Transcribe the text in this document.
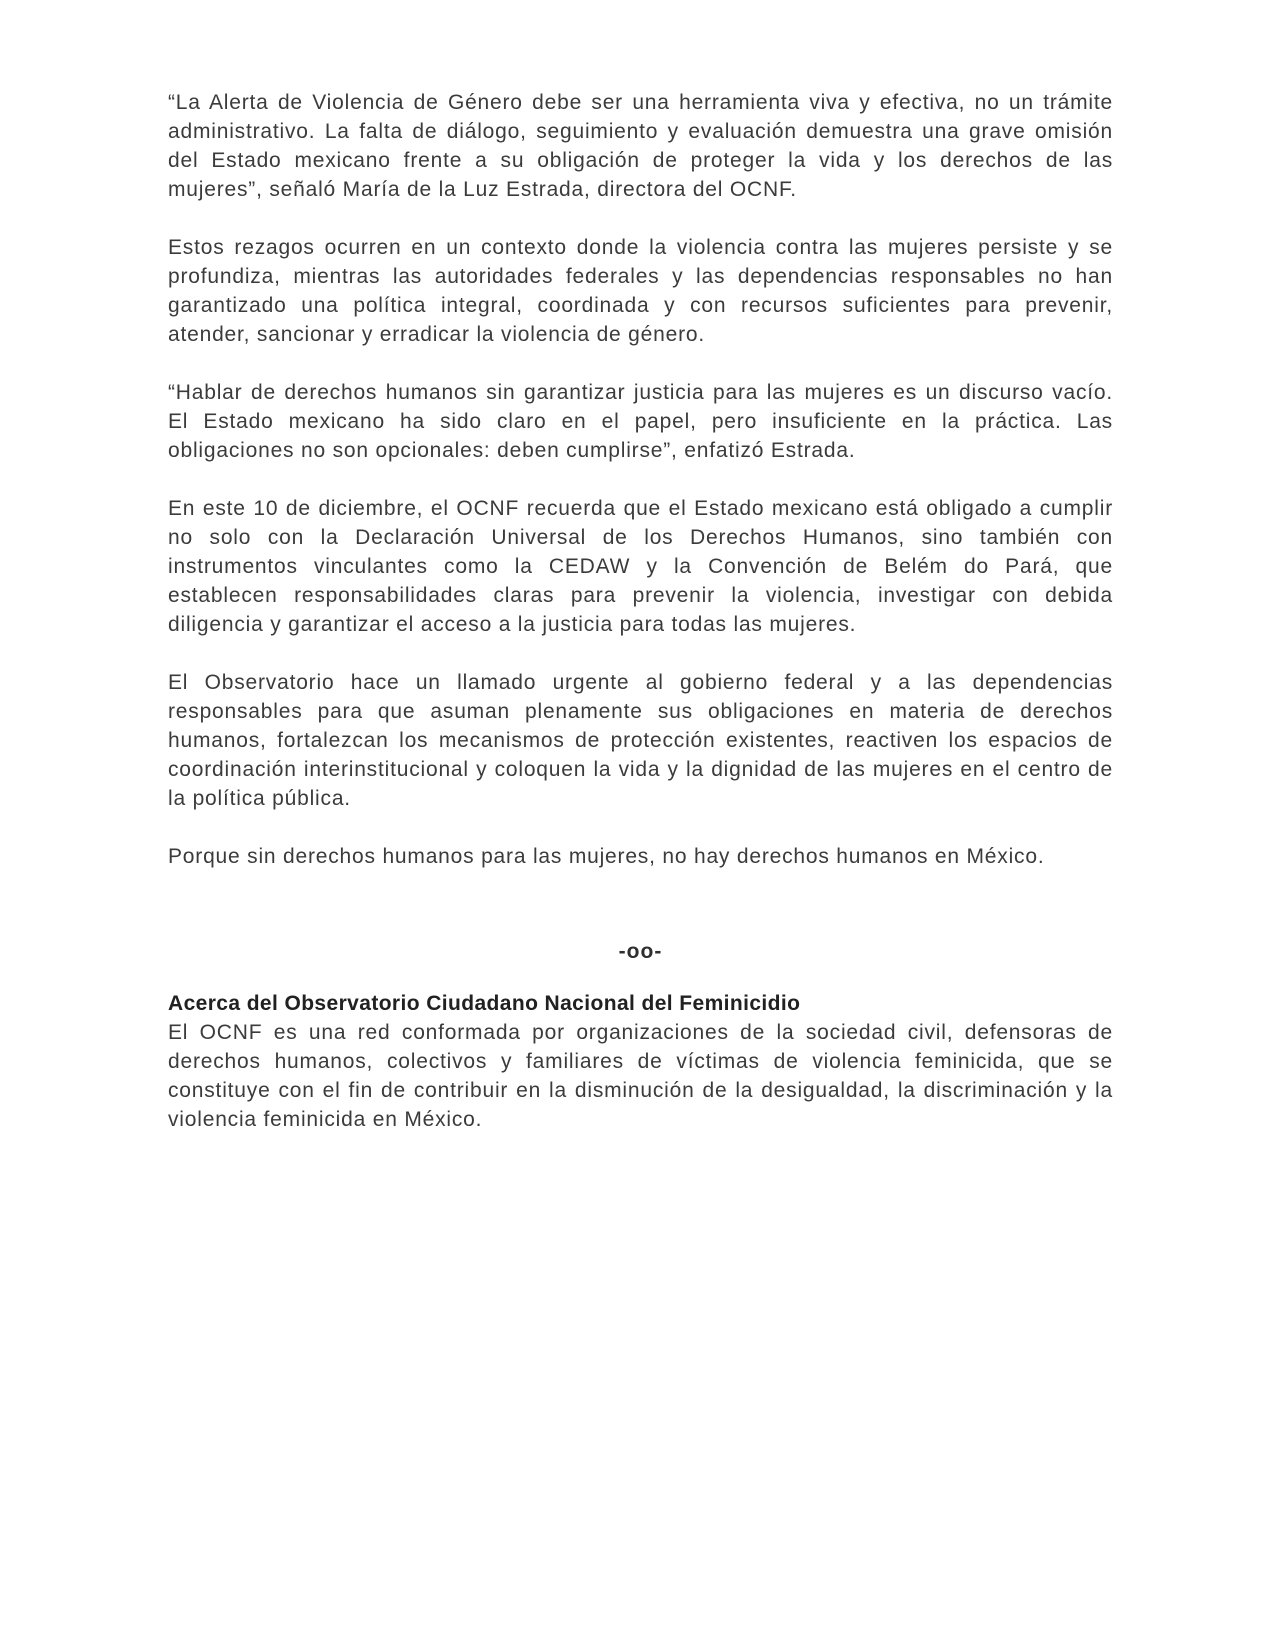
“La Alerta de Violencia de Género debe ser una herramienta viva y efectiva, no un trámite administrativo. La falta de diálogo, seguimiento y evaluación demuestra una grave omisión del Estado mexicano frente a su obligación de proteger la vida y los derechos de las mujeres”, señaló María de la Luz Estrada, directora del OCNF.

Estos rezagos ocurren en un contexto donde la violencia contra las mujeres persiste y se profundiza, mientras las autoridades federales y las dependencias responsables no han garantizado una política integral, coordinada y con recursos suficientes para prevenir, atender, sancionar y erradicar la violencia de género.

“Hablar de derechos humanos sin garantizar justicia para las mujeres es un discurso vacío. El Estado mexicano ha sido claro en el papel, pero insuficiente en la práctica. Las obligaciones no son opcionales: deben cumplirse”, enfatizó Estrada.

En este 10 de diciembre, el OCNF recuerda que el Estado mexicano está obligado a cumplir no solo con la Declaración Universal de los Derechos Humanos, sino también con instrumentos vinculantes como la CEDAW y la Convención de Belém do Pará, que establecen responsabilidades claras para prevenir la violencia, investigar con debida diligencia y garantizar el acceso a la justicia para todas las mujeres.

El Observatorio hace un llamado urgente al gobierno federal y a las dependencias responsables para que asuman plenamente sus obligaciones en materia de derechos humanos, fortalezcan los mecanismos de protección existentes, reactiven los espacios de coordinación interinstitucional y coloquen la vida y la dignidad de las mujeres en el centro de la política pública.

Porque sin derechos humanos para las mujeres, no hay derechos humanos en México.

-oo-

Acerca del Observatorio Ciudadano Nacional del Feminicidio

El OCNF es una red conformada por organizaciones de la sociedad civil, defensoras de derechos humanos, colectivos y familiares de víctimas de violencia feminicida, que se constituye con el fin de contribuir en la disminución de la desigualdad, la discriminación y la violencia feminicida en México.
